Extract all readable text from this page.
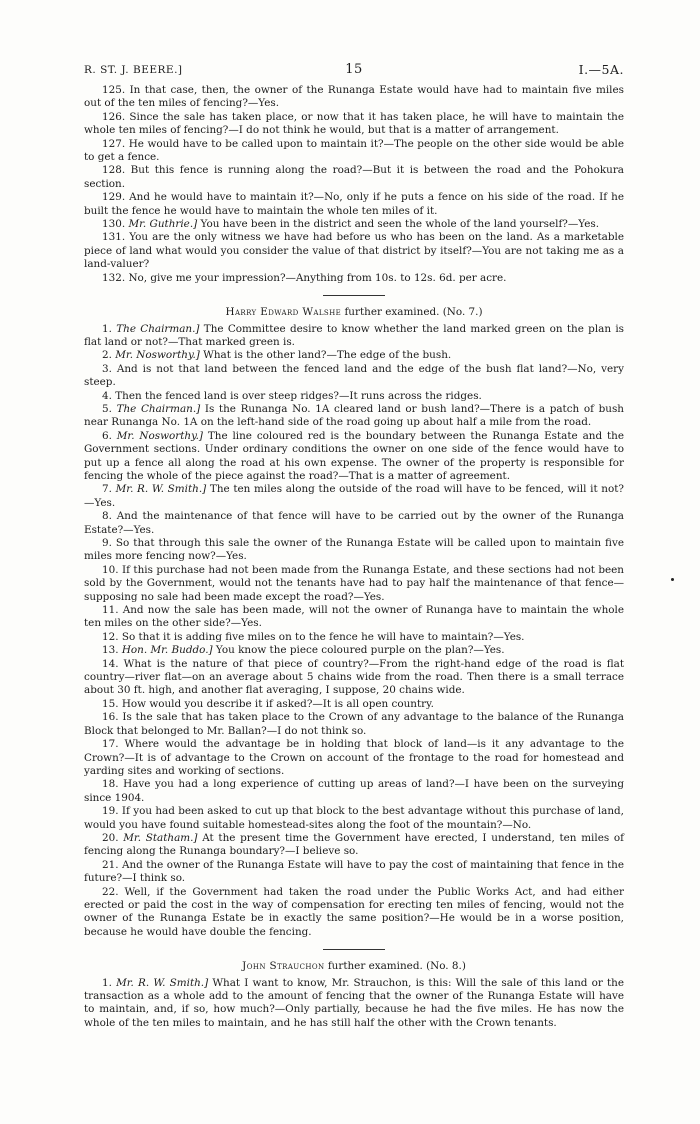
R. ST. J. BEERE.]	15	I.—5A.

125. In that case, then, the owner of the Runanga Estate would have had to maintain five miles out of the ten miles of fencing?—Yes.

126. Since the sale has taken place, or now that it has taken place, he will have to maintain the whole ten miles of fencing?—I do not think he would, but that is a matter of arrangement.

127. He would have to be called upon to maintain it?—The people on the other side would be able to get a fence.

128. But this fence is running along the road?—But it is between the road and the Pohokura section.

129. And he would have to maintain it?—No, only if he puts a fence on his side of the road. If he built the fence he would have to maintain the whole ten miles of it.

130. Mr. Guthrie.] You have been in the district and seen the whole of the land yourself?—Yes.

131. You are the only witness we have had before us who has been on the land. As a marketable piece of land what would you consider the value of that district by itself?—You are not taking me as a land-valuer?

132. No, give me your impression?—Anything from 10s. to 12s. 6d. per acre.

Harry Edward Walshe further examined. (No. 7.)

1. The Chairman.] The Committee desire to know whether the land marked green on the plan is flat land or not?—That marked green is.

2. Mr. Nosworthy.] What is the other land?—The edge of the bush.

3. And is not that land between the fenced land and the edge of the bush flat land?—No, very steep.

4. Then the fenced land is over steep ridges?—It runs across the ridges.

5. The Chairman.] Is the Runanga No. 1A cleared land or bush land?—There is a patch of bush near Runanga No. 1A on the left-hand side of the road going up about half a mile from the road.

6. Mr. Nosworthy.] The line coloured red is the boundary between the Runanga Estate and the Government sections. Under ordinary conditions the owner on one side of the fence would have to put up a fence all along the road at his own expense. The owner of the property is responsible for fencing the whole of the piece against the road?—That is a matter of agreement.

7. Mr. R. W. Smith.] The ten miles along the outside of the road will have to be fenced, will it not?—Yes.

8. And the maintenance of that fence will have to be carried out by the owner of the Runanga Estate?—Yes.

9. So that through this sale the owner of the Runanga Estate will be called upon to maintain five miles more fencing now?—Yes.

10. If this purchase had not been made from the Runanga Estate, and these sections had not been sold by the Government, would not the tenants have had to pay half the maintenance of that fence—supposing no sale had been made except the road?—Yes.

11. And now the sale has been made, will not the owner of Runanga have to maintain the whole ten miles on the other side?—Yes.

12. So that it is adding five miles on to the fence he will have to maintain?—Yes.

13. Hon. Mr. Buddo.] You know the piece coloured purple on the plan?—Yes.

14. What is the nature of that piece of country?—From the right-hand edge of the road is flat country—river flat—on an average about 5 chains wide from the road. Then there is a small terrace about 30 ft. high, and another flat averaging, I suppose, 20 chains wide.

15. How would you describe it if asked?—It is all open country.

16. Is the sale that has taken place to the Crown of any advantage to the balance of the Runanga Block that belonged to Mr. Ballan?—I do not think so.

17. Where would the advantage be in holding that block of land—is it any advantage to the Crown?—It is of advantage to the Crown on account of the frontage to the road for homestead and yarding sites and working of sections.

18. Have you had a long experience of cutting up areas of land?—I have been on the surveying since 1904.

19. If you had been asked to cut up that block to the best advantage without this purchase of land, would you have found suitable homestead-sites along the foot of the mountain?—No.

20. Mr. Statham.] At the present time the Government have erected, I understand, ten miles of fencing along the Runanga boundary?—I believe so.

21. And the owner of the Runanga Estate will have to pay the cost of maintaining that fence in the future?—I think so.

22. Well, if the Government had taken the road under the Public Works Act, and had either erected or paid the cost in the way of compensation for erecting ten miles of fencing, would not the owner of the Runanga Estate be in exactly the same position?—He would be in a worse position, because he would have double the fencing.

John Strauchon further examined. (No. 8.)

1. Mr. R. W. Smith.] What I want to know, Mr. Strauchon, is this: Will the sale of this land or the transaction as a whole add to the amount of fencing that the owner of the Runanga Estate will have to maintain, and, if so, how much?—Only partially, because he had the five miles. He has now the whole of the ten miles to maintain, and he has still half the other with the Crown tenants.
